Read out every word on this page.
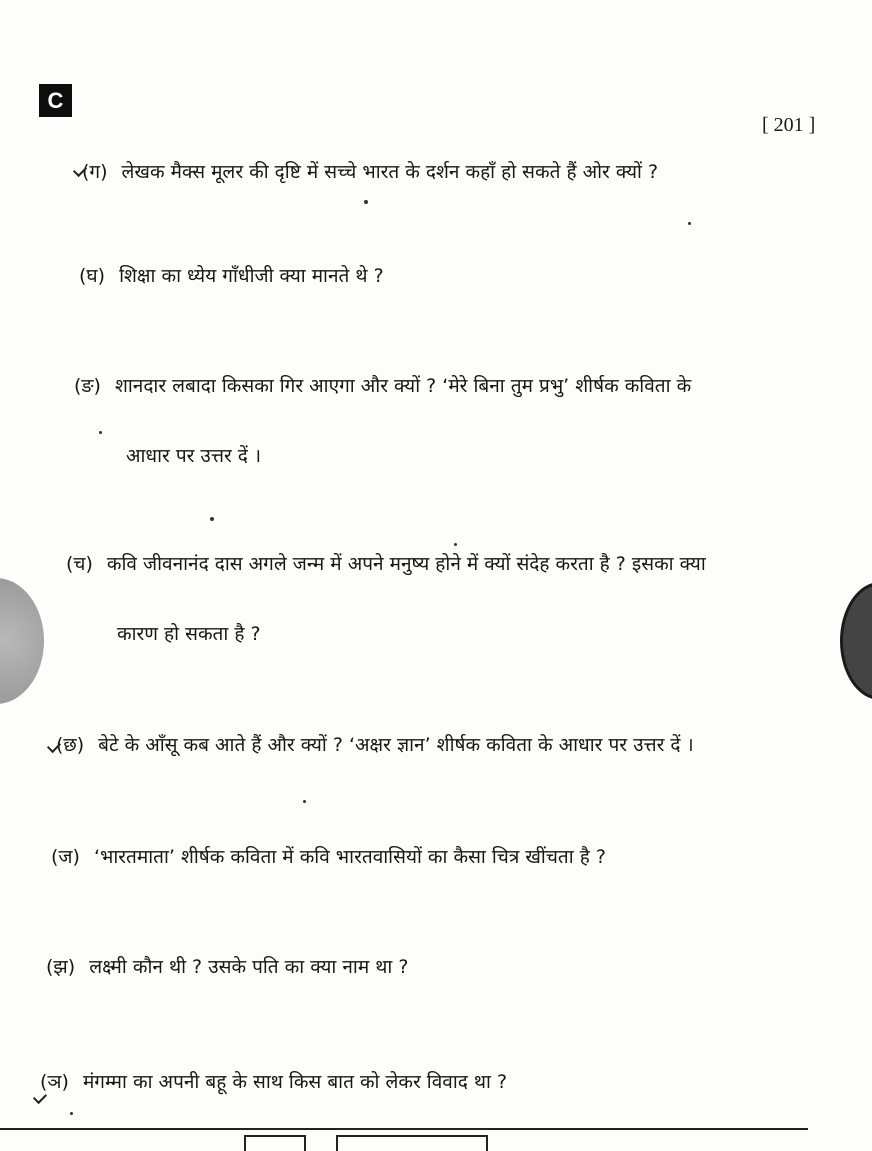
C
[ 201 ]
(ग) लेखक मैक्स मूलर की दृष्टि में सच्चे भारत के दर्शन कहाँ हो सकते हैं ओर क्यों ?
(घ) शिक्षा का ध्येय गाँधीजी क्या मानते थे ?
(ङ) शानदार लबादा किसका गिर आएगा और क्यों ? ‘मेरे बिना तुम प्रभु’ शीर्षक कविता के
आधार पर उत्तर दें ।
(च) कवि जीवनानंद दास अगले जन्म में अपने मनुष्य होने में क्यों संदेह करता है ? इसका क्या
कारण हो सकता है ?
(छ) बेटे के आँसू कब आते हैं और क्यों ? ‘अक्षर ज्ञान’ शीर्षक कविता के आधार पर उत्तर दें ।
(ज) ‘भारतमाता’ शीर्षक कविता में कवि भारतवासियों का कैसा चित्र खींचता है ?
(झ) लक्ष्मी कौन थी ? उसके पति का क्या नाम था ?
(ञ) मंगम्मा का अपनी बहू के साथ किस बात को लेकर विवाद था ?
